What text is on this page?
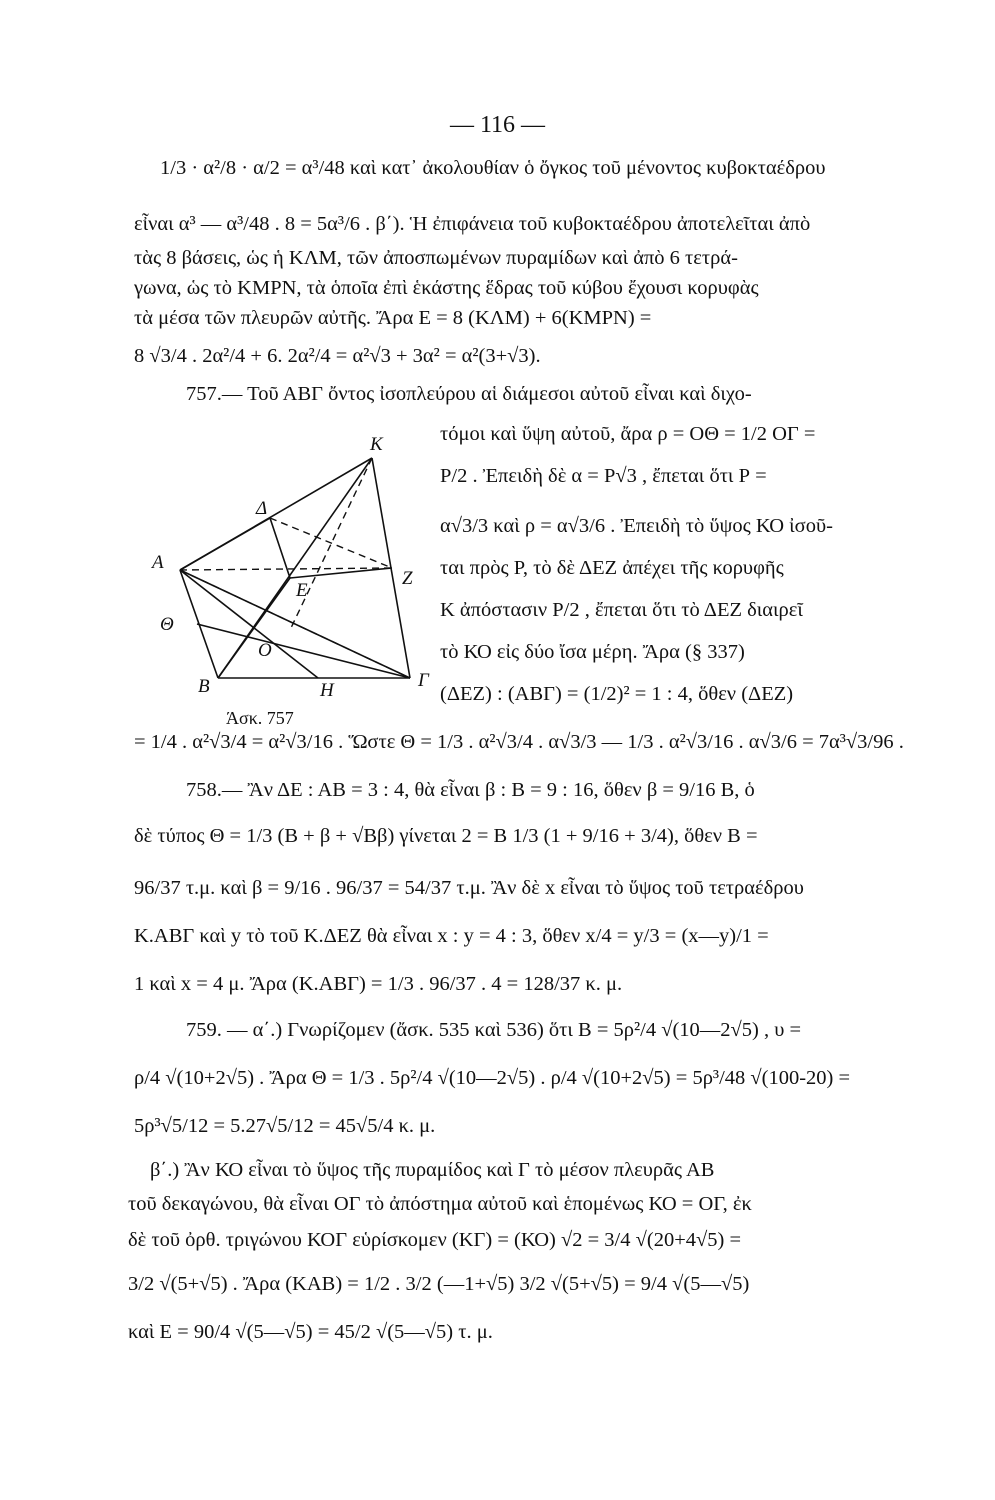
— 116 —
1/3 · α²/8 · α/2 = α³/48 καὶ κατ᾿ ἀκολουθίαν ὁ ὄγκος τοῦ μένοντος κυβοκταέδρου
εἶναι α³ — α³/48 . 8 = 5α³/6 . β΄). Ἡ ἐπιφάνεια τοῦ κυβοκταέδρου ἀποτελεῖται ἀπὸ
τὰς 8 βάσεις, ὡς ἡ ΚΛΜ, τῶν ἀποσπωμένων πυραμίδων καὶ ἀπὸ 6 τετρά-
γωνα, ὡς τὸ ΚΜΡΝ, τὰ ὁποῖα ἐπὶ ἑκάστης ἕδρας τοῦ κύβου ἔχουσι κορυφὰς
τὰ μέσα τῶν πλευρῶν αὐτῆς. Ἄρα Ε = 8 (ΚΛΜ) + 6(ΚΜΡΝ) =
8 √3/4 . 2α²/4 + 6. 2α²/4 = α²√3 + 3α² = α²(3+√3).
757.— Τοῦ ΑΒΓ ὄντος ἰσοπλεύρου αἱ διάμεσοι αὐτοῦ εἶναι καὶ διχο-
τόμοι καὶ ὕψη αὐτοῦ, ἄρα ρ = ΟΘ = 1/2 ΟΓ =
Ρ/2 . Ἐπειδὴ δὲ α = Ρ√3 , ἔπεται ὅτι Ρ =
α√3/3 καὶ ρ = α√3/6 . Ἐπειδὴ τὸ ὕψος ΚΟ ἰσοῦ-
ται πρὸς Ρ, τὸ δὲ ΔΕΖ ἀπέχει τῆς κορυφῆς
Κ ἀπόστασιν Ρ/2 , ἔπεται ὅτι τὸ ΔΕΖ διαιρεῖ
τὸ ΚΟ εἰς δύο ἴσα μέρη. Ἄρα (§ 337)
(ΔΕΖ) : (ΑΒΓ) = (1/2)² = 1 : 4, ὅθεν (ΔΕΖ)
= 1/4 . α²√3/4 = α²√3/16 . Ὥστε Θ = 1/3 . α²√3/4 . α√3/3 — 1/3 . α²√3/16 . α√3/6 = 7α³√3/96 .
758.— Ἂν ΔΕ : ΑΒ = 3 : 4, θὰ εἶναι β : Β = 9 : 16, ὅθεν β = 9/16 Β, ὁ
δὲ τύπος Θ = 1/3 (Β + β + √Ββ) γίνεται 2 = Β 1/3 (1 + 9/16 + 3/4), ὅθεν Β =
96/37 τ.μ. καὶ β = 9/16 . 96/37 = 54/37 τ.μ. Ἂν δὲ x εἶναι τὸ ὕψος τοῦ τετραέδρου
Κ.ΑΒΓ καὶ y τὸ τοῦ Κ.ΔΕΖ θὰ εἶναι x : y = 4 : 3, ὅθεν x/4 = y/3 = (x—y)/1 =
1 καὶ x = 4 μ. Ἄρα (Κ.ΑΒΓ) = 1/3 . 96/37 . 4 = 128/37 κ. μ.
759. — α΄.) Γνωρίζομεν (ἄσκ. 535 καὶ 536) ὅτι Β = 5ρ²/4 √(10—2√5) , υ =
ρ/4 √(10+2√5) . Ἄρα Θ = 1/3 . 5ρ²/4 √(10—2√5) . ρ/4 √(10+2√5) = 5ρ³/48 √(100-20) =
5ρ³√5/12 = 5.27√5/12 = 45√5/4 κ. μ.
β΄.) Ἂν ΚΟ εἶναι τὸ ὕψος τῆς πυραμίδος καὶ Γ τὸ μέσον πλευρᾶς ΑΒ
τοῦ δεκαγώνου, θὰ εἶναι ΟΓ τὸ ἀπόστημα αὐτοῦ καὶ ἑπομένως ΚΟ = ΟΓ, ἐκ
δὲ τοῦ ὀρθ. τριγώνου ΚΟΓ εὑρίσκομεν (ΚΓ) = (ΚΟ) √2 = 3/4 √(20+4√5) =
3/2 √(5+√5) . Ἄρα (ΚΑΒ) = 1/2 . 3/2 (—1+√5) 3/2 √(5+√5) = 9/4 √(5—√5)
καὶ Ε = 90/4 √(5—√5) = 45/2 √(5—√5) τ. μ.
Κ
Α
Β	Γ
Δ
Ε
Ζ
Η
Θ
Ο
Άσκ. 757
